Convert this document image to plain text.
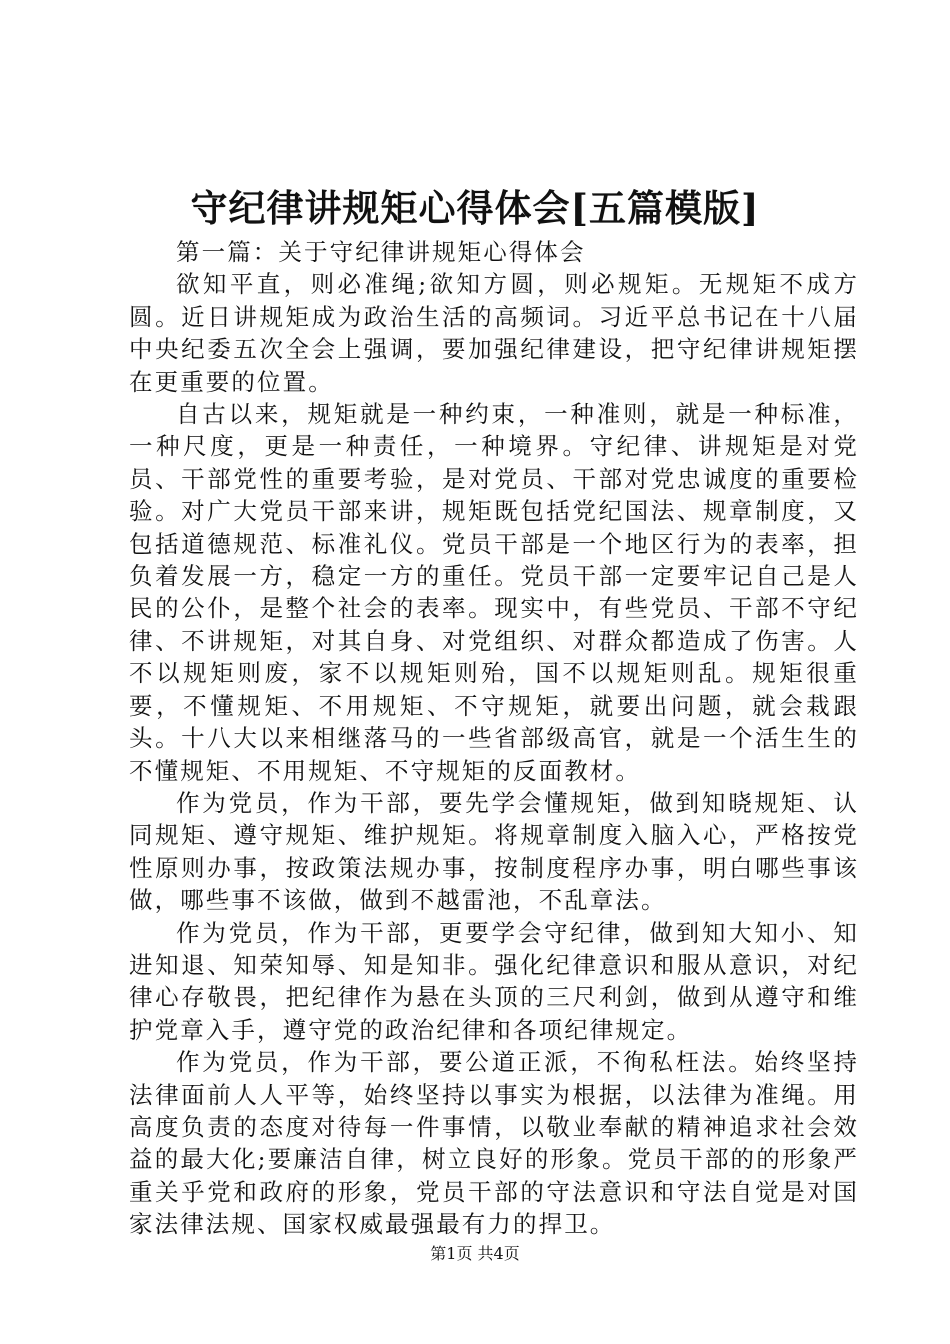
守纪律讲规矩心得体会[五篇模版]

第一篇：关于守纪律讲规矩心得体会

欲知平直，则必准绳;欲知方圆，则必规矩。无规矩不成方圆。近日讲规矩成为政治生活的高频词。习近平总书记在十八届中央纪委五次全会上强调，要加强纪律建设，把守纪律讲规矩摆在更重要的位置。

自古以来，规矩就是一种约束，一种准则，就是一种标准，一种尺度，更是一种责任，一种境界。守纪律、讲规矩是对党员、干部党性的重要考验，是对党员、干部对党忠诚度的重要检验。对广大党员干部来讲，规矩既包括党纪国法、规章制度，又包括道德规范、标准礼仪。党员干部是一个地区行为的表率，担负着发展一方，稳定一方的重任。党员干部一定要牢记自己是人民的公仆，是整个社会的表率。现实中，有些党员、干部不守纪律、不讲规矩，对其自身、对党组织、对群众都造成了伤害。人不以规矩则废，家不以规矩则殆，国不以规矩则乱。规矩很重要，不懂规矩、不用规矩、不守规矩，就要出问题，就会栽跟头。十八大以来相继落马的一些省部级高官，就是一个活生生的不懂规矩、不用规矩、不守规矩的反面教材。

作为党员，作为干部，要先学会懂规矩，做到知晓规矩、认同规矩、遵守规矩、维护规矩。将规章制度入脑入心，严格按党性原则办事，按政策法规办事，按制度程序办事，明白哪些事该做，哪些事不该做，做到不越雷池，不乱章法。

作为党员，作为干部，更要学会守纪律，做到知大知小、知进知退、知荣知辱、知是知非。强化纪律意识和服从意识，对纪律心存敬畏，把纪律作为悬在头顶的三尺利剑，做到从遵守和维护党章入手，遵守党的政治纪律和各项纪律规定。

作为党员，作为干部，要公道正派，不徇私枉法。始终坚持法律面前人人平等，始终坚持以事实为根据，以法律为准绳。用高度负责的态度对待每一件事情，以敬业奉献的精神追求社会效益的最大化;要廉洁自律，树立良好的形象。党员干部的的形象严重关乎党和政府的形象，党员干部的守法意识和守法自觉是对国家法律法规、国家权威最强最有力的捍卫。

第1页 共4页
